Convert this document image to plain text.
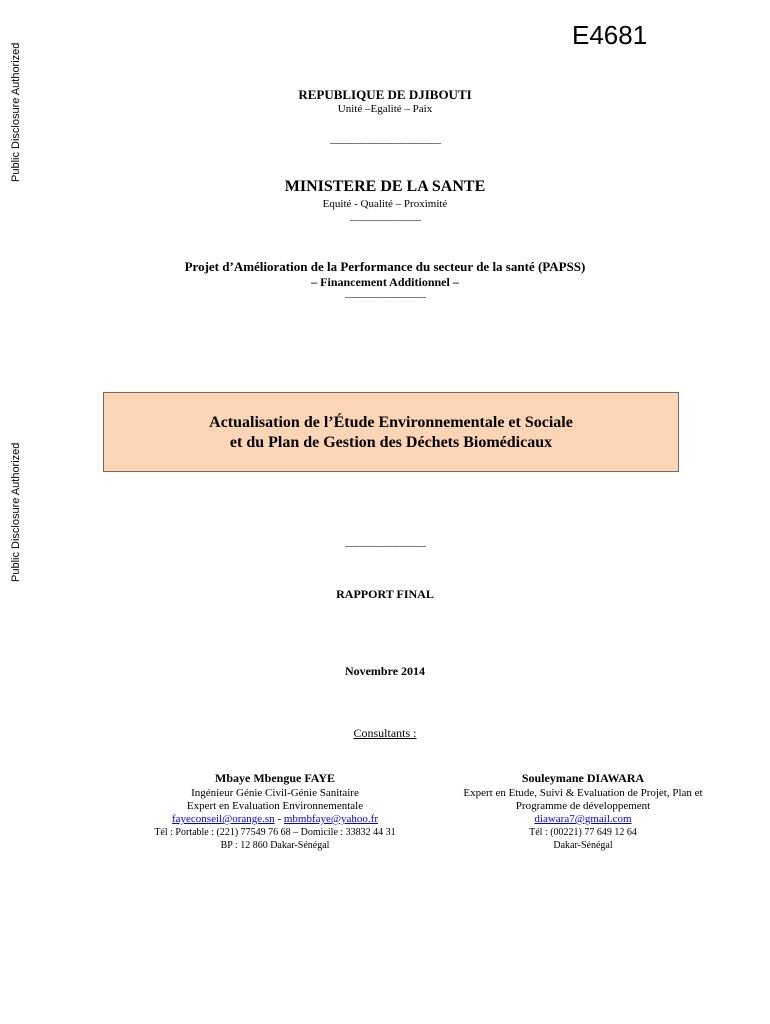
Public Disclosure Authorized
Public Disclosure Authorized
E4681
REPUBLIQUE DE DJIBOUTI
Unité –Egalité – Paix
———————————
MINISTERE DE LA SANTE
Equité - Qualité – Proximité
———————
Projet d’Amélioration de la Performance du secteur de la santé (PAPSS)
– Financement Additionnel –
————————
Actualisation de l’Étude Environnementale et Sociale
et du Plan de Gestion des Déchets Biomédicaux
————————
RAPPORT FINAL
Novembre 2014
Consultants :
Mbaye Mbengue FAYE
Ingénieur Génie Civil-Génie Sanitaire
Expert en Evaluation Environnementale
fayeconseil@orange.sn - mbmbfaye@yahoo.fr
Tél : Portable : (221) 77549 76 68 – Domicile : 33832 44 31
BP : 12 860 Dakar-Sénégal
Souleymane DIAWARA
Expert en Etude, Suivi & Evaluation de Projet, Plan et
Programme de développement
diawara7@gmail.com
Tél : (00221) 77 649 12 64
Dakar-Sénégal
